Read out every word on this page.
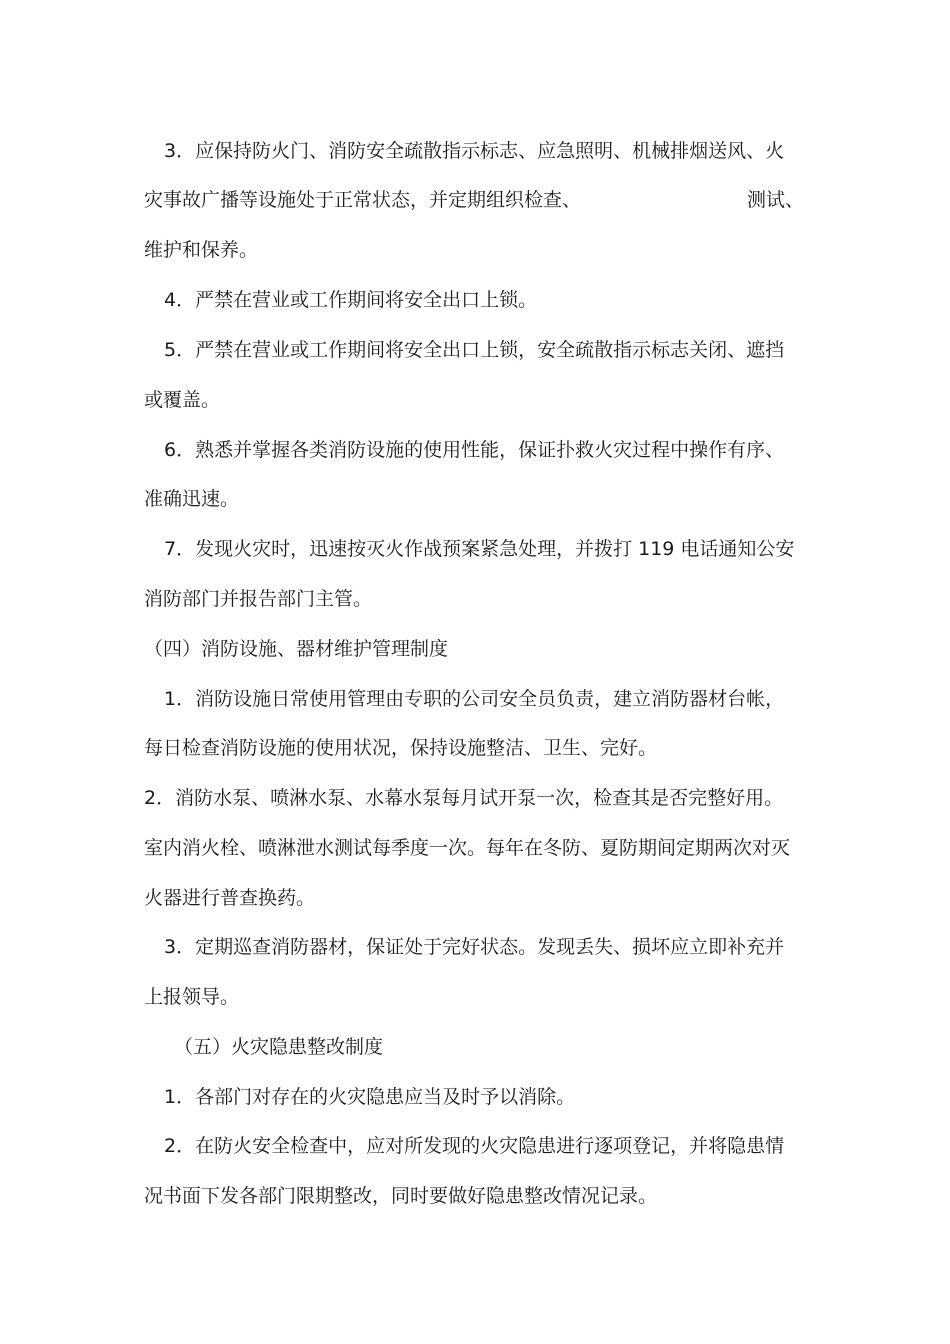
3．应保持防火门、消防安全疏散指示标志、应急照明、机械排烟送风、火

灾事故广播等设施处于正常状态，并定期组织检查、	测试、

维护和保养。

4．严禁在营业或工作期间将安全出口上锁。

5．严禁在营业或工作期间将安全出口上锁，安全疏散指示标志关闭、遮挡

或覆盖。

6．熟悉并掌握各类消防设施的使用性能，保证扑救火灾过程中操作有序、

准确迅速。

7．发现火灾时，迅速按灭火作战预案紧急处理，并拨打 119 电话通知公安

消防部门并报告部门主管。

（四）消防设施、器材维护管理制度

1．消防设施日常使用管理由专职的公司安全员负责，建立消防器材台帐，

每日检查消防设施的使用状况，保持设施整洁、卫生、完好。

2．消防水泵、喷淋水泵、水幕水泵每月试开泵一次，检查其是否完整好用。

室内消火栓、喷淋泄水测试每季度一次。每年在冬防、夏防期间定期两次对灭

火器进行普查换药。

3．定期巡查消防器材，保证处于完好状态。发现丢失、损坏应立即补充并

上报领导。

（五）火灾隐患整改制度

1．各部门对存在的火灾隐患应当及时予以消除。

2．在防火安全检查中，应对所发现的火灾隐患进行逐项登记，并将隐患情

况书面下发各部门限期整改，同时要做好隐患整改情况记录。
